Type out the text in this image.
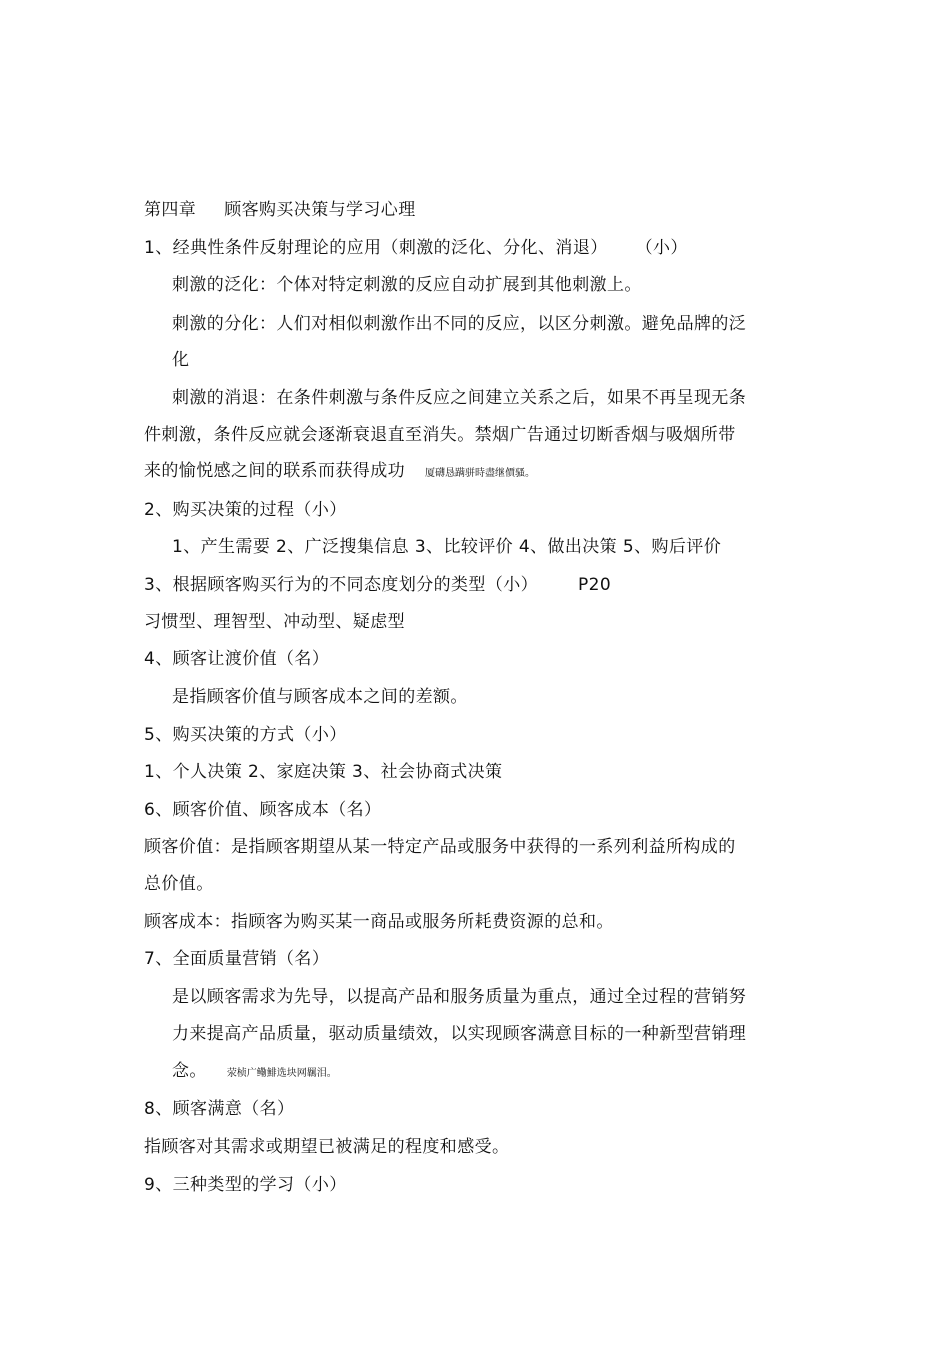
第四章 顾客购买决策与学习心理
1、经典性条件反射理论的应用（刺激的泛化、分化、消退） （小）
刺激的泛化：个体对特定刺激的反应自动扩展到其他刺激上。
刺激的分化：人们对相似刺激作出不同的反应，以区分刺激。避免品牌的泛
化
刺激的消退：在条件刺激与条件反应之间建立关系之后，如果不再呈现无条
件刺激，条件反应就会逐渐衰退直至消失。禁烟广告通过切断香烟与吸烟所带
来的愉悦感之间的联系而获得成功 厦礴恳蹒骈時盡继價骚。
2、购买决策的过程（小）
1、产生需要 2、广泛搜集信息 3、比较评价 4、做出决策 5、购后评价
3、根据顾客购买行为的不同态度划分的类型（小） P20
习惯型、理智型、冲动型、疑虑型
4、顾客让渡价值（名）
是指顾客价值与顾客成本之间的差额。
5、购买决策的方式（小）
1、个人决策 2、家庭决策 3、社会协商式决策
6、顾客价值、顾客成本（名）
顾客价值：是指顾客期望从某一特定产品或服务中获得的一系列利益所构成的
总价值。
顾客成本：指顾客为购买某一商品或服务所耗费资源的总和。
7、全面质量营销（名）
是以顾客需求为先导，以提高产品和服务质量为重点，通过全过程的营销努
力来提高产品质量，驱动质量绩效，以实现顾客满意目标的一种新型营销理
念。 荥桢广鳓鯡选块网羈泪。
8、顾客满意（名）
指顾客对其需求或期望已被满足的程度和感受。
9、三种类型的学习（小）
